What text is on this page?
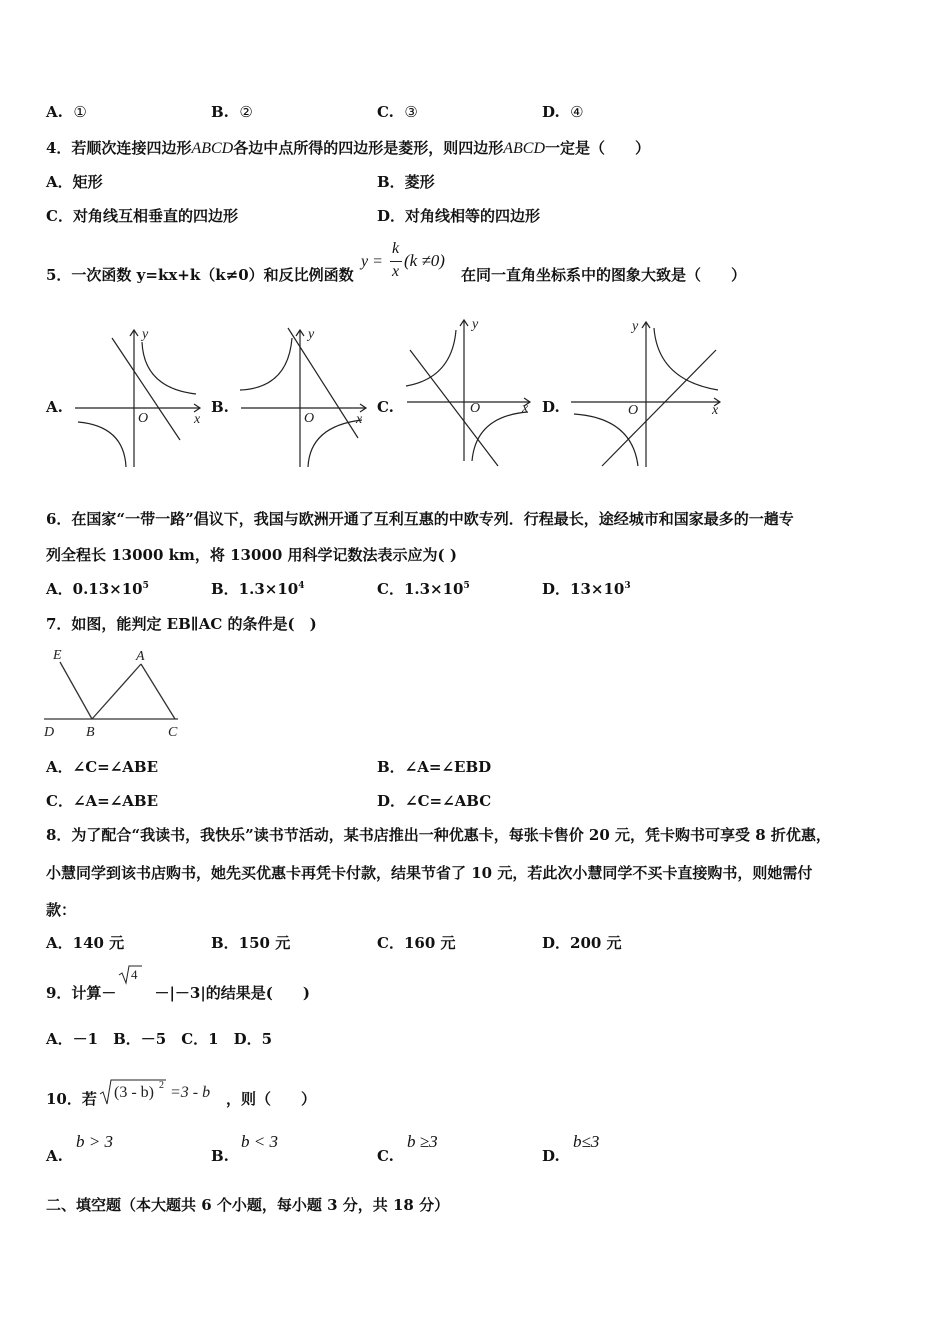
A. ①	B. ②	C. ③	D. ④
4．若顺次连接四边形ABCD各边中点所得的四边形是菱形，则四边形ABCD一定是（　　）
A．矩形	B．菱形
C．对角线互相垂直的四边形	D．对角线相等的四边形
5．一次函数 y=kx+k（k≠0）和反比例函数
y =
k
x
(k ≠0)
在同一直角坐标系中的图象大致是（　　）
A.	B.	C.	D.
y
x
O
y
x
O
y
x
O
y
x
O
6．在国家“一带一路”倡议下，我国与欧洲开通了互利互惠的中欧专列．行程最长，途经城市和国家最多的一趟专
列全程长 13000 km，将 13000 用科学记数法表示应为( )
A．$0.13\times 10^5$	B．$1.3\times 10^4$	C．$1.3\times 10^5$	D．$13\times 10^3$
7．如图，能判定 EB∥AC 的条件是(　)
E	A
D B	C
A．∠C=∠ABE	B．∠A=∠EBD
C．∠A=∠ABE	D．∠C=∠ABC
8．为了配合“我读书，我快乐”读书节活动，某书店推出一种优惠卡，每张卡售价 20 元，凭卡购书可享受 8 折优惠，
小慧同学到该书店购书，她先买优惠卡再凭卡付款，结果节省了 10 元，若此次小慧同学不买卡直接购书，则她需付
款：
A．140 元	B．150 元	C．160 元	D．200 元
9．计算－	－|－3|的结果是(　　)
4
A．－1　B．－5　C．1　D．5
10．若 (3 - b) 2 =3 - b ，则（　　）
A.
b > 3
B.
b < 3
C.
b ≥3
D.
b≤3
二、填空题（本大题共 6 个小题，每小题 3 分，共 18 分）
